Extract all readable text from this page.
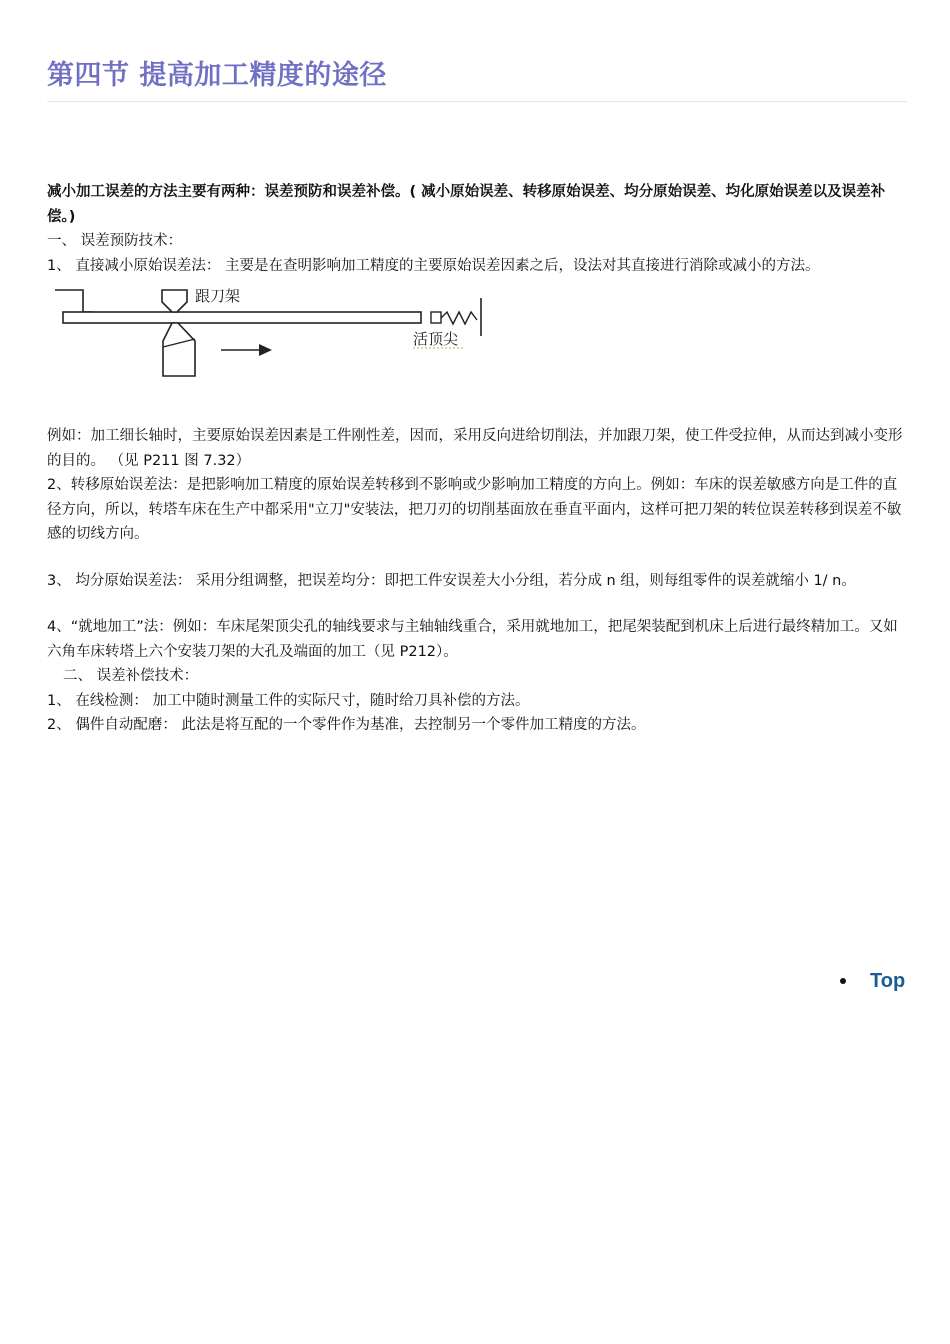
第四节 提高加工精度的途径

减小加工误差的方法主要有两种：误差预防和误差补偿。( 减小原始误差、转移原始误差、均分原始误差、均化原始误差以及误差补偿。)

一、 误差预防技术：

1、 直接减小原始误差法： 主要是在查明影响加工精度的主要原始误差因素之后，设法对其直接进行消除或减小的方法。

跟刀架
活顶尖

例如：加工细长轴时，主要原始误差因素是工件刚性差，因而，采用反向进给切削法，并加跟刀架，使工件受拉伸，从而达到减小变形的目的。 （见 P211 图 7.32）

2、转移原始误差法：是把影响加工精度的原始误差转移到不影响或少影响加工精度的方向上。例如：车床的误差敏感方向是工件的直径方向，所以，转塔车床在生产中都采用"立刀"安装法，把刀刃的切削基面放在垂直平面内，这样可把刀架的转位误差转移到误差不敏感的切线方向。

3、 均分原始误差法： 采用分组调整，把误差均分：即把工件安误差大小分组，若分成 n 组，则每组零件的误差就缩小 1/ n。

4、“就地加工”法：例如：车床尾架顶尖孔的轴线要求与主轴轴线重合，采用就地加工，把尾架装配到机床上后进行最终精加工。又如六角车床转塔上六个安装刀架的大孔及端面的加工（见 P212）。

二、 误差补偿技术：

1、 在线检测： 加工中随时测量工件的实际尺寸，随时给刀具补偿的方法。

2、 偶件自动配磨： 此法是将互配的一个零件作为基准，去控制另一个零件加工精度的方法。

Top
